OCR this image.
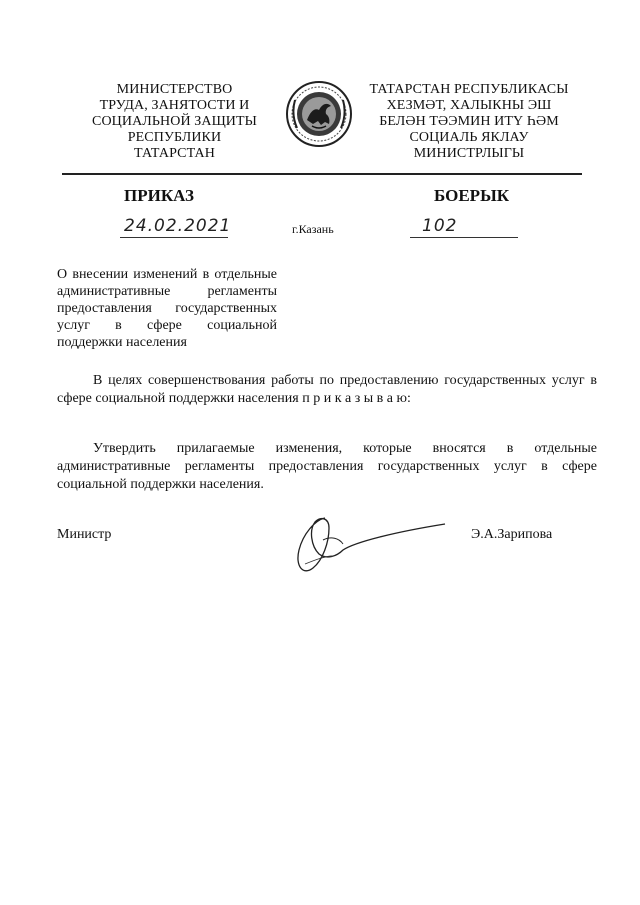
МИНИСТЕРСТВО
ТРУДА, ЗАНЯТОСТИ И
СОЦИАЛЬНОЙ ЗАЩИТЫ
РЕСПУБЛИКИ
ТАТАРСТАН
ТАТАРСТАН РЕСПУБЛИКАСЫ
ХЕЗМӘТ, ХАЛЫКНЫ ЭШ
БЕЛӘН ТӘЭМИН ИТҮ ҺӘМ
СОЦИАЛЬ ЯКЛАУ
МИНИСТРЛЫГЫ
ПРИКАЗ	БОЕРЫК
24.02.2021	г.Казань	102
О внесении изменений в отдельные административные регламенты предоставления государственных услуг в сфере социальной поддержки населения
В целях совершенствования работы по предоставлению государственных услуг в сфере социальной поддержки населения п р и к а з ы в а ю:
Утвердить прилагаемые изменения, которые вносятся в отдельные административные регламенты предоставления государственных услуг в сфере социальной поддержки населения.
Министр	Э.А.Зарипова
